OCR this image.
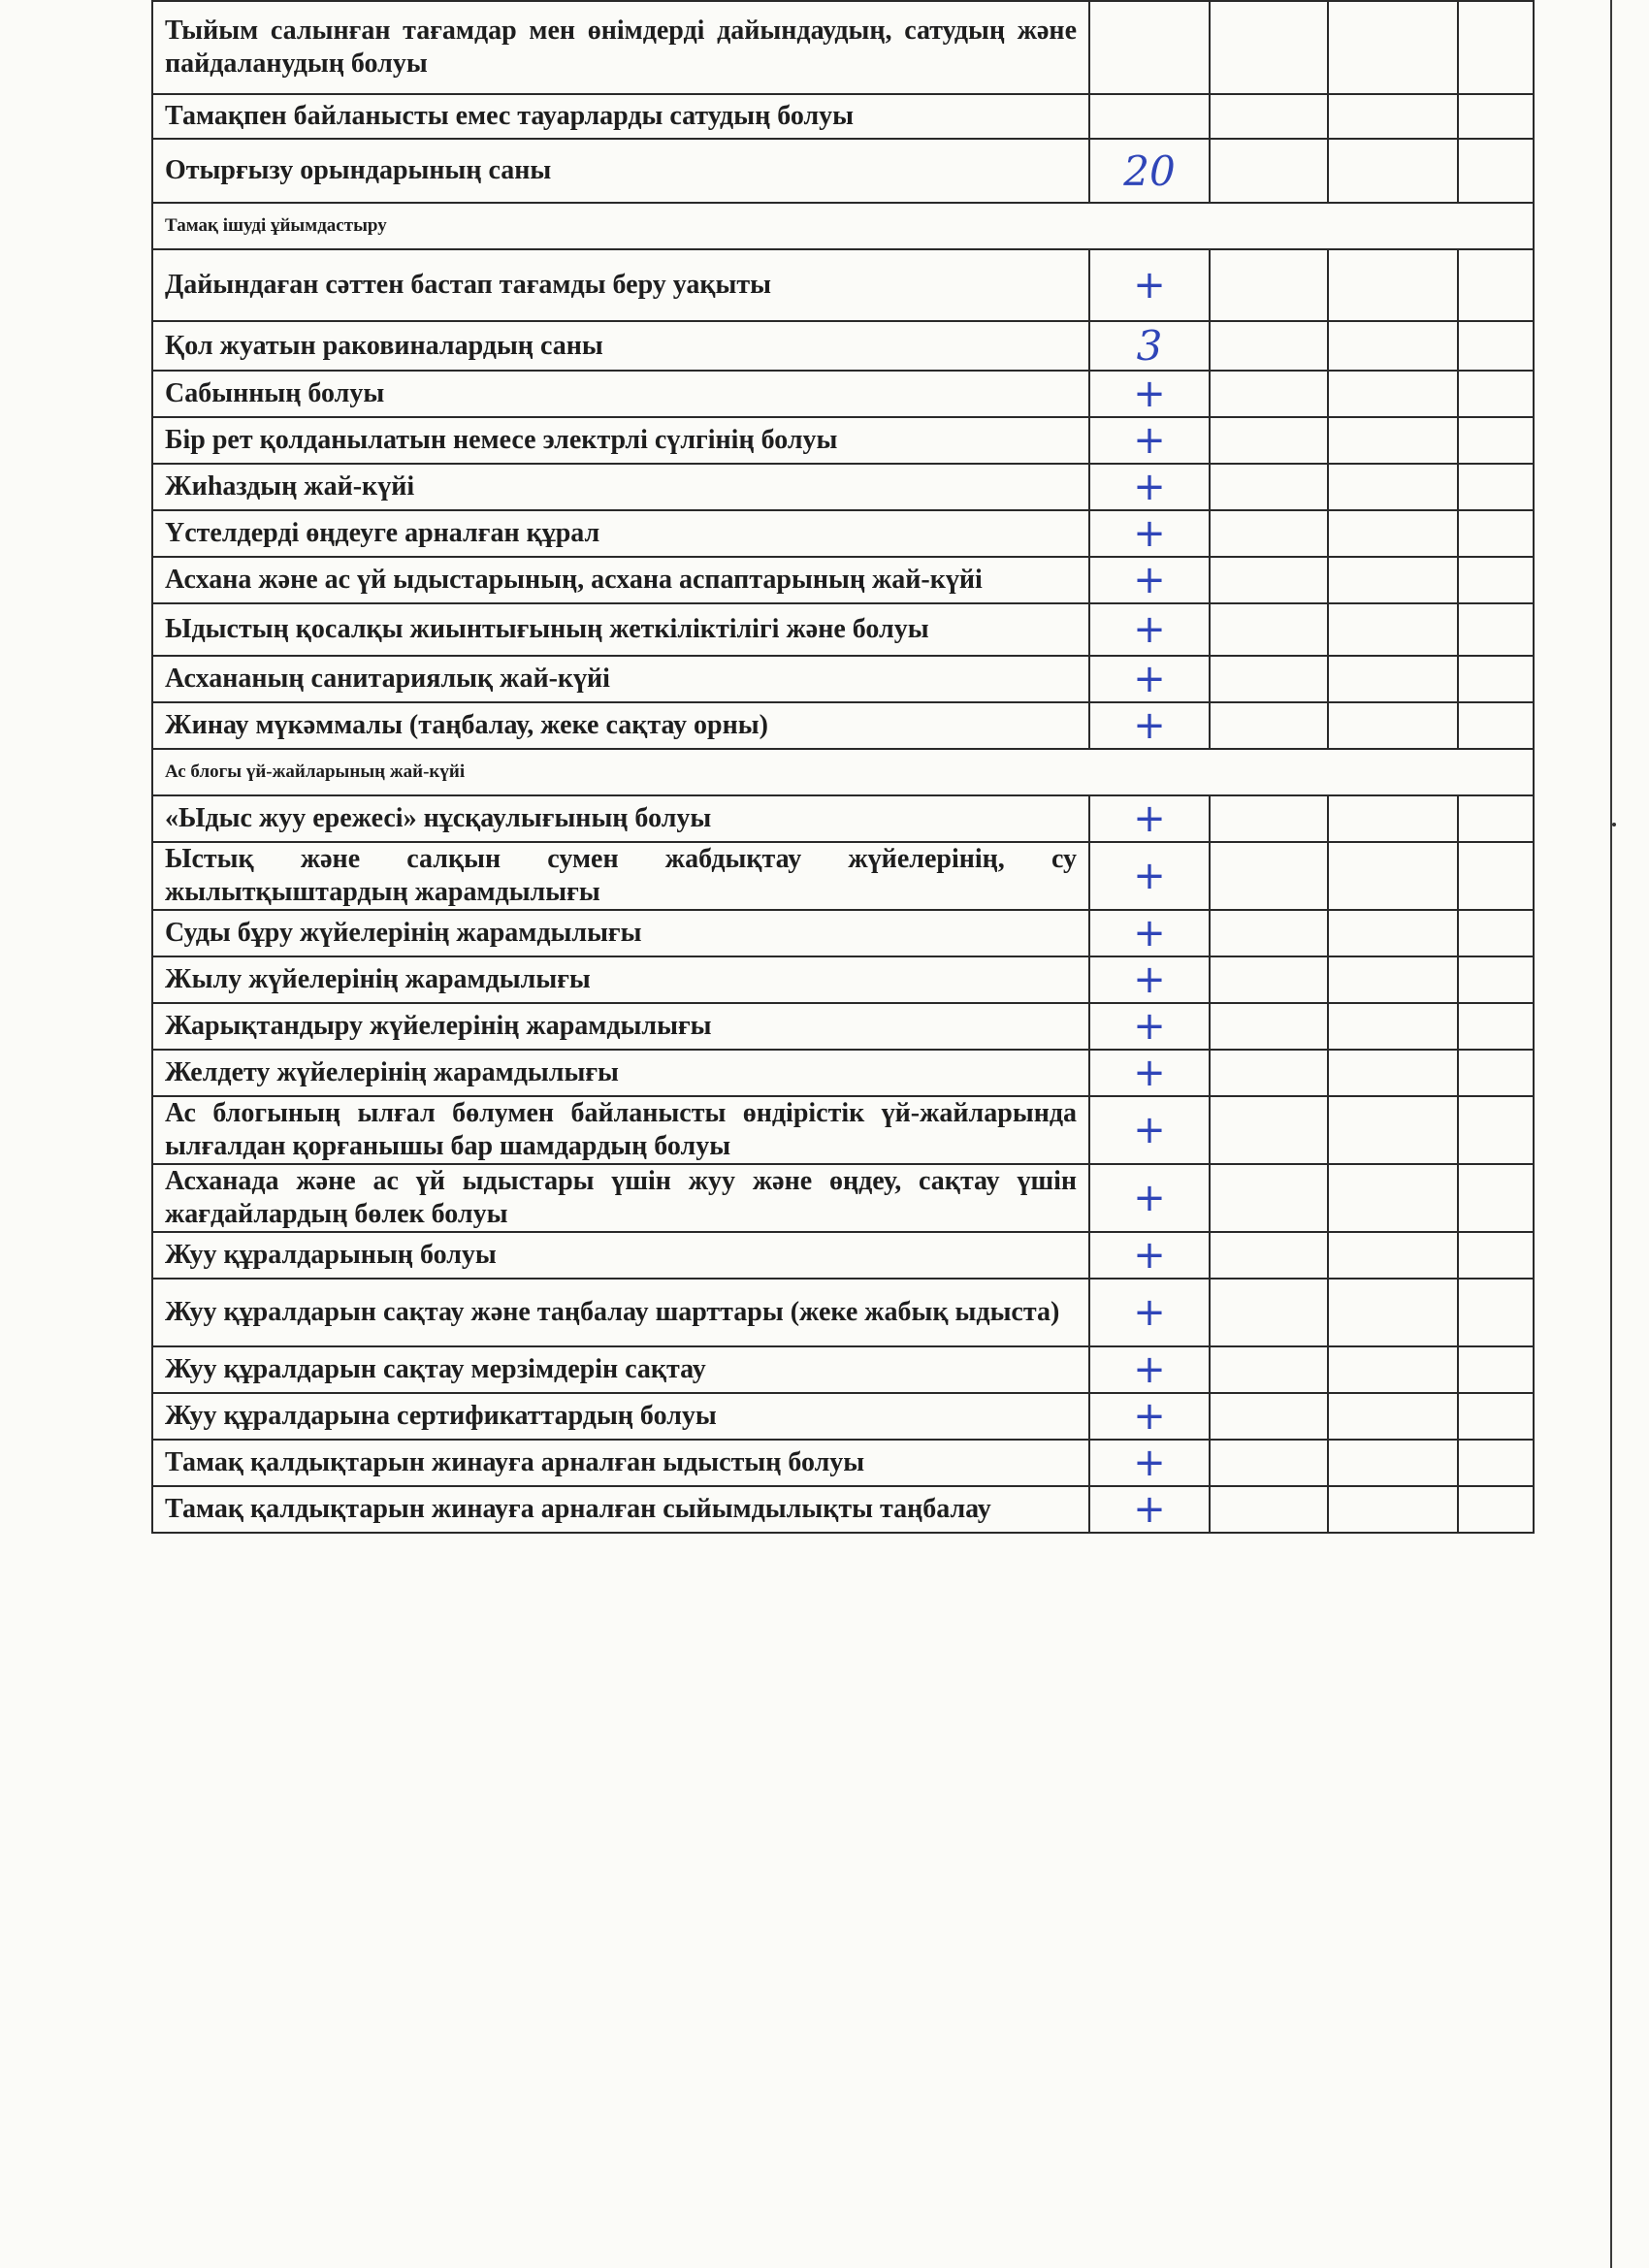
Тыйым салынған тағамдар мен өнімдерді дайындаудың, сатудың және пайдаланудың болуы				
Тамақпен байланысты емес тауарларды сатудың болуы				
Отырғызу орындарының саны	20			
Тамақ ішуді ұйымдастыру				
Дайындаған сәттен бастап тағамды беру уақыты	+			
Қол жуатын раковиналардың саны	3			
Сабынның болуы	+			
Бір рет қолданылатын немесе электрлі сүлгінің болуы	+			
Жиһаздың жай-күйі	+			
Үстелдерді өңдеуге арналған құрал	+			
Асхана және ас үй ыдыстарының, асхана аспаптарының жай-күйі	+			
Ыдыстың қосалқы жиынтығының жеткіліктілігі және болуы	+			
Асхананың санитариялық жай-күйі	+			
Жинау мүкәммалы (таңбалау, жеке сақтау орны)	+			
Ас блогы үй-жайларының жай-күйі				
«Ыдыс жуу ережесі» нұсқаулығының болуы	+			
Ыстық және салқын сумен жабдықтау жүйелерінің, су жылытқыштардың жарамдылығы	+			
Суды бұру жүйелерінің жарамдылығы	+			
Жылу жүйелерінің жарамдылығы	+			
Жарықтандыру жүйелерінің жарамдылығы	+			
Желдету жүйелерінің жарамдылығы	+			
Ас блогының ылғал бөлумен байланысты өндірістік үй-жайларында ылғалдан қорғанышы бар шамдардың болуы	+			
Асханада және ас үй ыдыстары үшін жуу және өңдеу, сақтау үшін жағдайлардың бөлек болуы	+			
Жуу құралдарының болуы	+			
Жуу құралдарын сақтау және таңбалау шарттары (жеке жабық ыдыста)	+			
Жуу құралдарын сақтау мерзімдерін сақтау	+			
Жуу құралдарына сертификаттардың болуы	+			
Тамақ қалдықтарын жинауға арналған ыдыстың болуы	+			
Тамақ қалдықтарын жинауға арналған сыйымдылықты таңбалау	+			
